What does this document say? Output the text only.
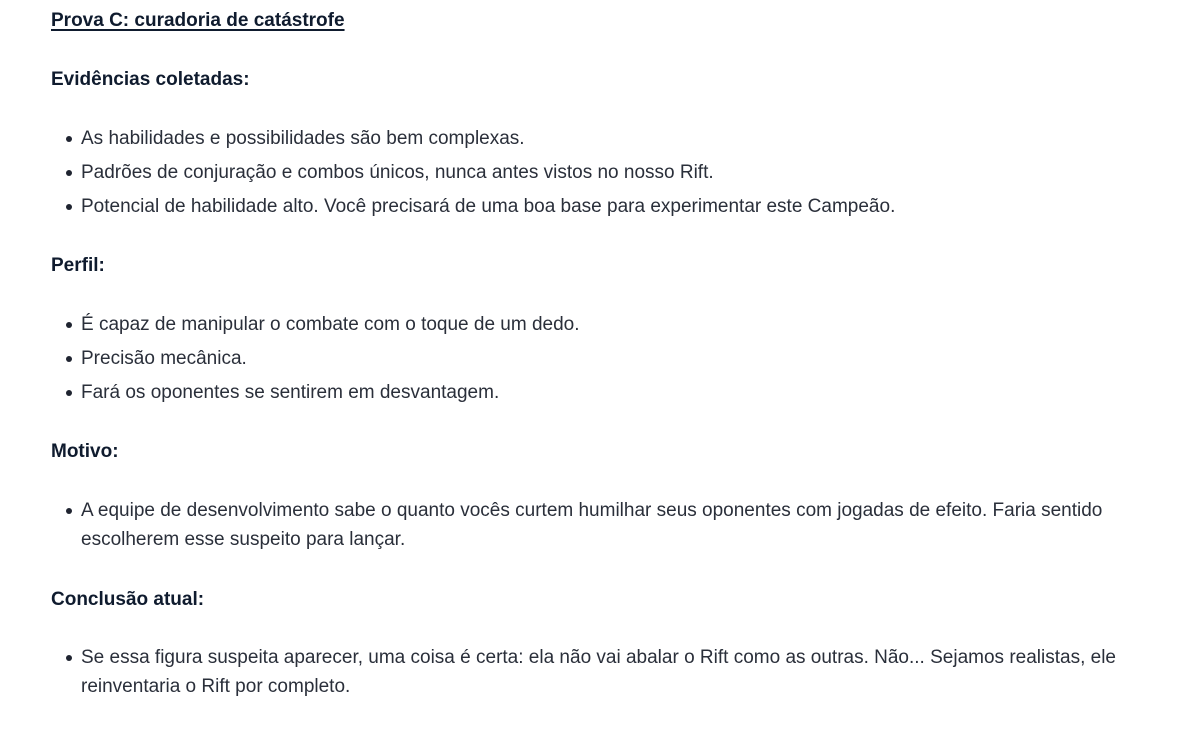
Prova C: curadoria de catástrofe
Evidências coletadas:
As habilidades e possibilidades são bem complexas.
Padrões de conjuração e combos únicos, nunca antes vistos no nosso Rift.
Potencial de habilidade alto. Você precisará de uma boa base para experimentar este Campeão.
Perfil:
É capaz de manipular o combate com o toque de um dedo.
Precisão mecânica.
Fará os oponentes se sentirem em desvantagem.
Motivo:
A equipe de desenvolvimento sabe o quanto vocês curtem humilhar seus oponentes com jogadas de efeito. Faria sentido escolherem esse suspeito para lançar.
Conclusão atual:
Se essa figura suspeita aparecer, uma coisa é certa: ela não vai abalar o Rift como as outras. Não... Sejamos realistas, ele reinventaria o Rift por completo.
